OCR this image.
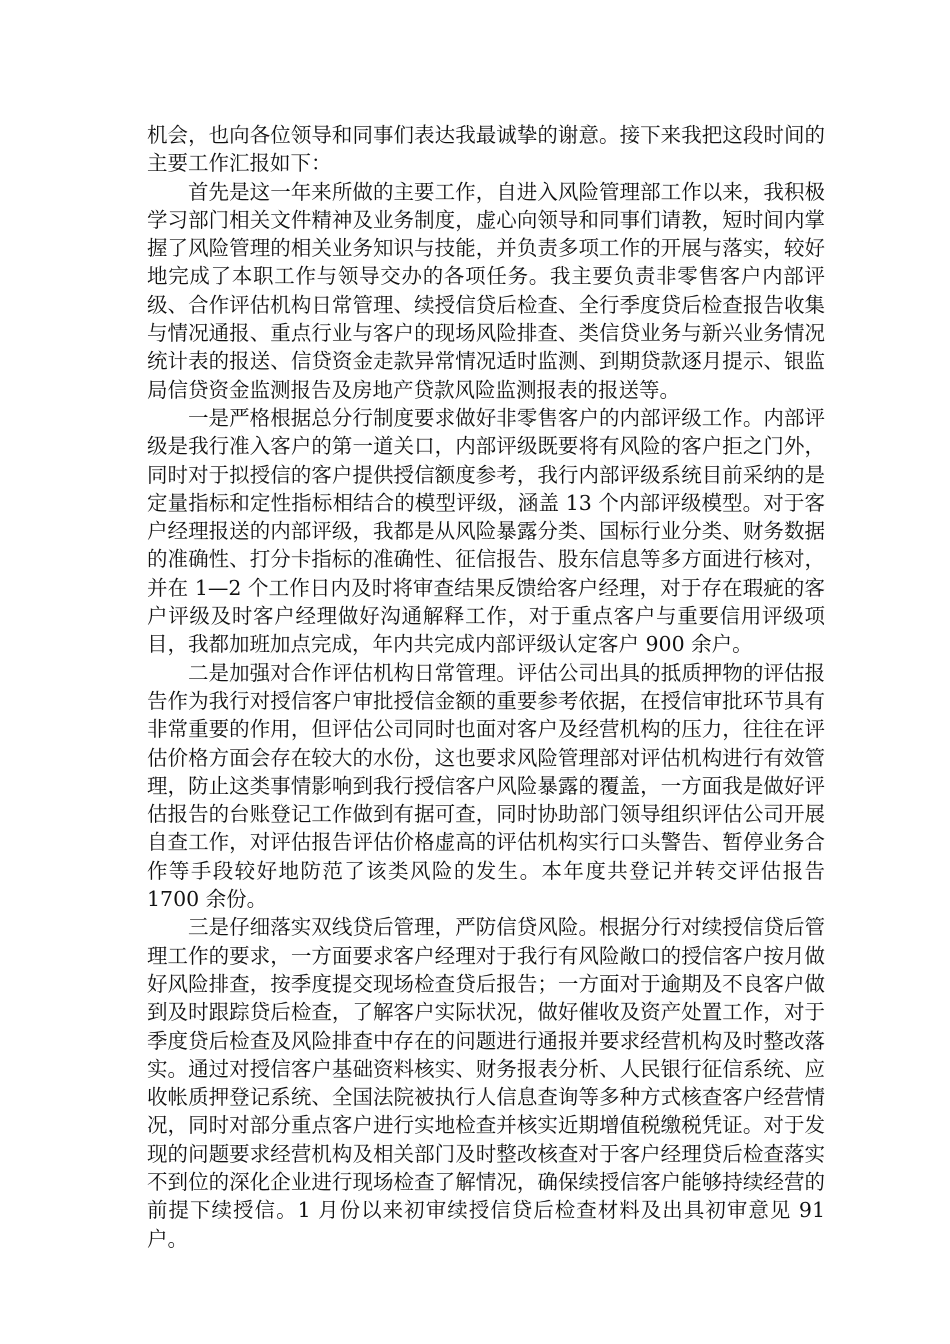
机会，也向各位领导和同事们表达我最诚挚的谢意。接下来我把这段时间的主要工作汇报如下：

首先是这一年来所做的主要工作，自进入风险管理部工作以来，我积极学习部门相关文件精神及业务制度，虚心向领导和同事们请教，短时间内掌握了风险管理的相关业务知识与技能，并负责多项工作的开展与落实，较好地完成了本职工作与领导交办的各项任务。我主要负责非零售客户内部评级、合作评估机构日常管理、续授信贷后检查、全行季度贷后检查报告收集与情况通报、重点行业与客户的现场风险排查、类信贷业务与新兴业务情况统计表的报送、信贷资金走款异常情况适时监测、到期贷款逐月提示、银监局信贷资金监测报告及房地产贷款风险监测报表的报送等。

一是严格根据总分行制度要求做好非零售客户的内部评级工作。内部评级是我行准入客户的第一道关口，内部评级既要将有风险的客户拒之门外，同时对于拟授信的客户提供授信额度参考，我行内部评级系统目前采纳的是定量指标和定性指标相结合的模型评级，涵盖 13 个内部评级模型。对于客户经理报送的内部评级，我都是从风险暴露分类、国标行业分类、财务数据的准确性、打分卡指标的准确性、征信报告、股东信息等多方面进行核对，并在 1—2 个工作日内及时将审查结果反馈给客户经理，对于存在瑕疵的客户评级及时客户经理做好沟通解释工作，对于重点客户与重要信用评级项目，我都加班加点完成，年内共完成内部评级认定客户 900 余户。

二是加强对合作评估机构日常管理。评估公司出具的抵质押物的评估报告作为我行对授信客户审批授信金额的重要参考依据，在授信审批环节具有非常重要的作用，但评估公司同时也面对客户及经营机构的压力，往往在评估价格方面会存在较大的水份，这也要求风险管理部对评估机构进行有效管理，防止这类事情影响到我行授信客户风险暴露的覆盖，一方面我是做好评估报告的台账登记工作做到有据可查，同时协助部门领导组织评估公司开展自查工作，对评估报告评估价格虚高的评估机构实行口头警告、暂停业务合作等手段较好地防范了该类风险的发生。本年度共登记并转交评估报告 1700 余份。

三是仔细落实双线贷后管理，严防信贷风险。根据分行对续授信贷后管理工作的要求，一方面要求客户经理对于我行有风险敞口的授信客户按月做好风险排查，按季度提交现场检查贷后报告；一方面对于逾期及不良客户做到及时跟踪贷后检查，了解客户实际状况，做好催收及资产处置工作，对于季度贷后检查及风险排查中存在的问题进行通报并要求经营机构及时整改落实。通过对授信客户基础资料核实、财务报表分析、人民银行征信系统、应收帐质押登记系统、全国法院被执行人信息查询等多种方式核查客户经营情况，同时对部分重点客户进行实地检查并核实近期增值税缴税凭证。对于发现的问题要求经营机构及相关部门及时整改核查对于客户经理贷后检查落实不到位的深化企业进行现场检查了解情况，确保续授信客户能够持续经营的前提下续授信。1 月份以来初审续授信贷后检查材料及出具初审意见 91 户。
